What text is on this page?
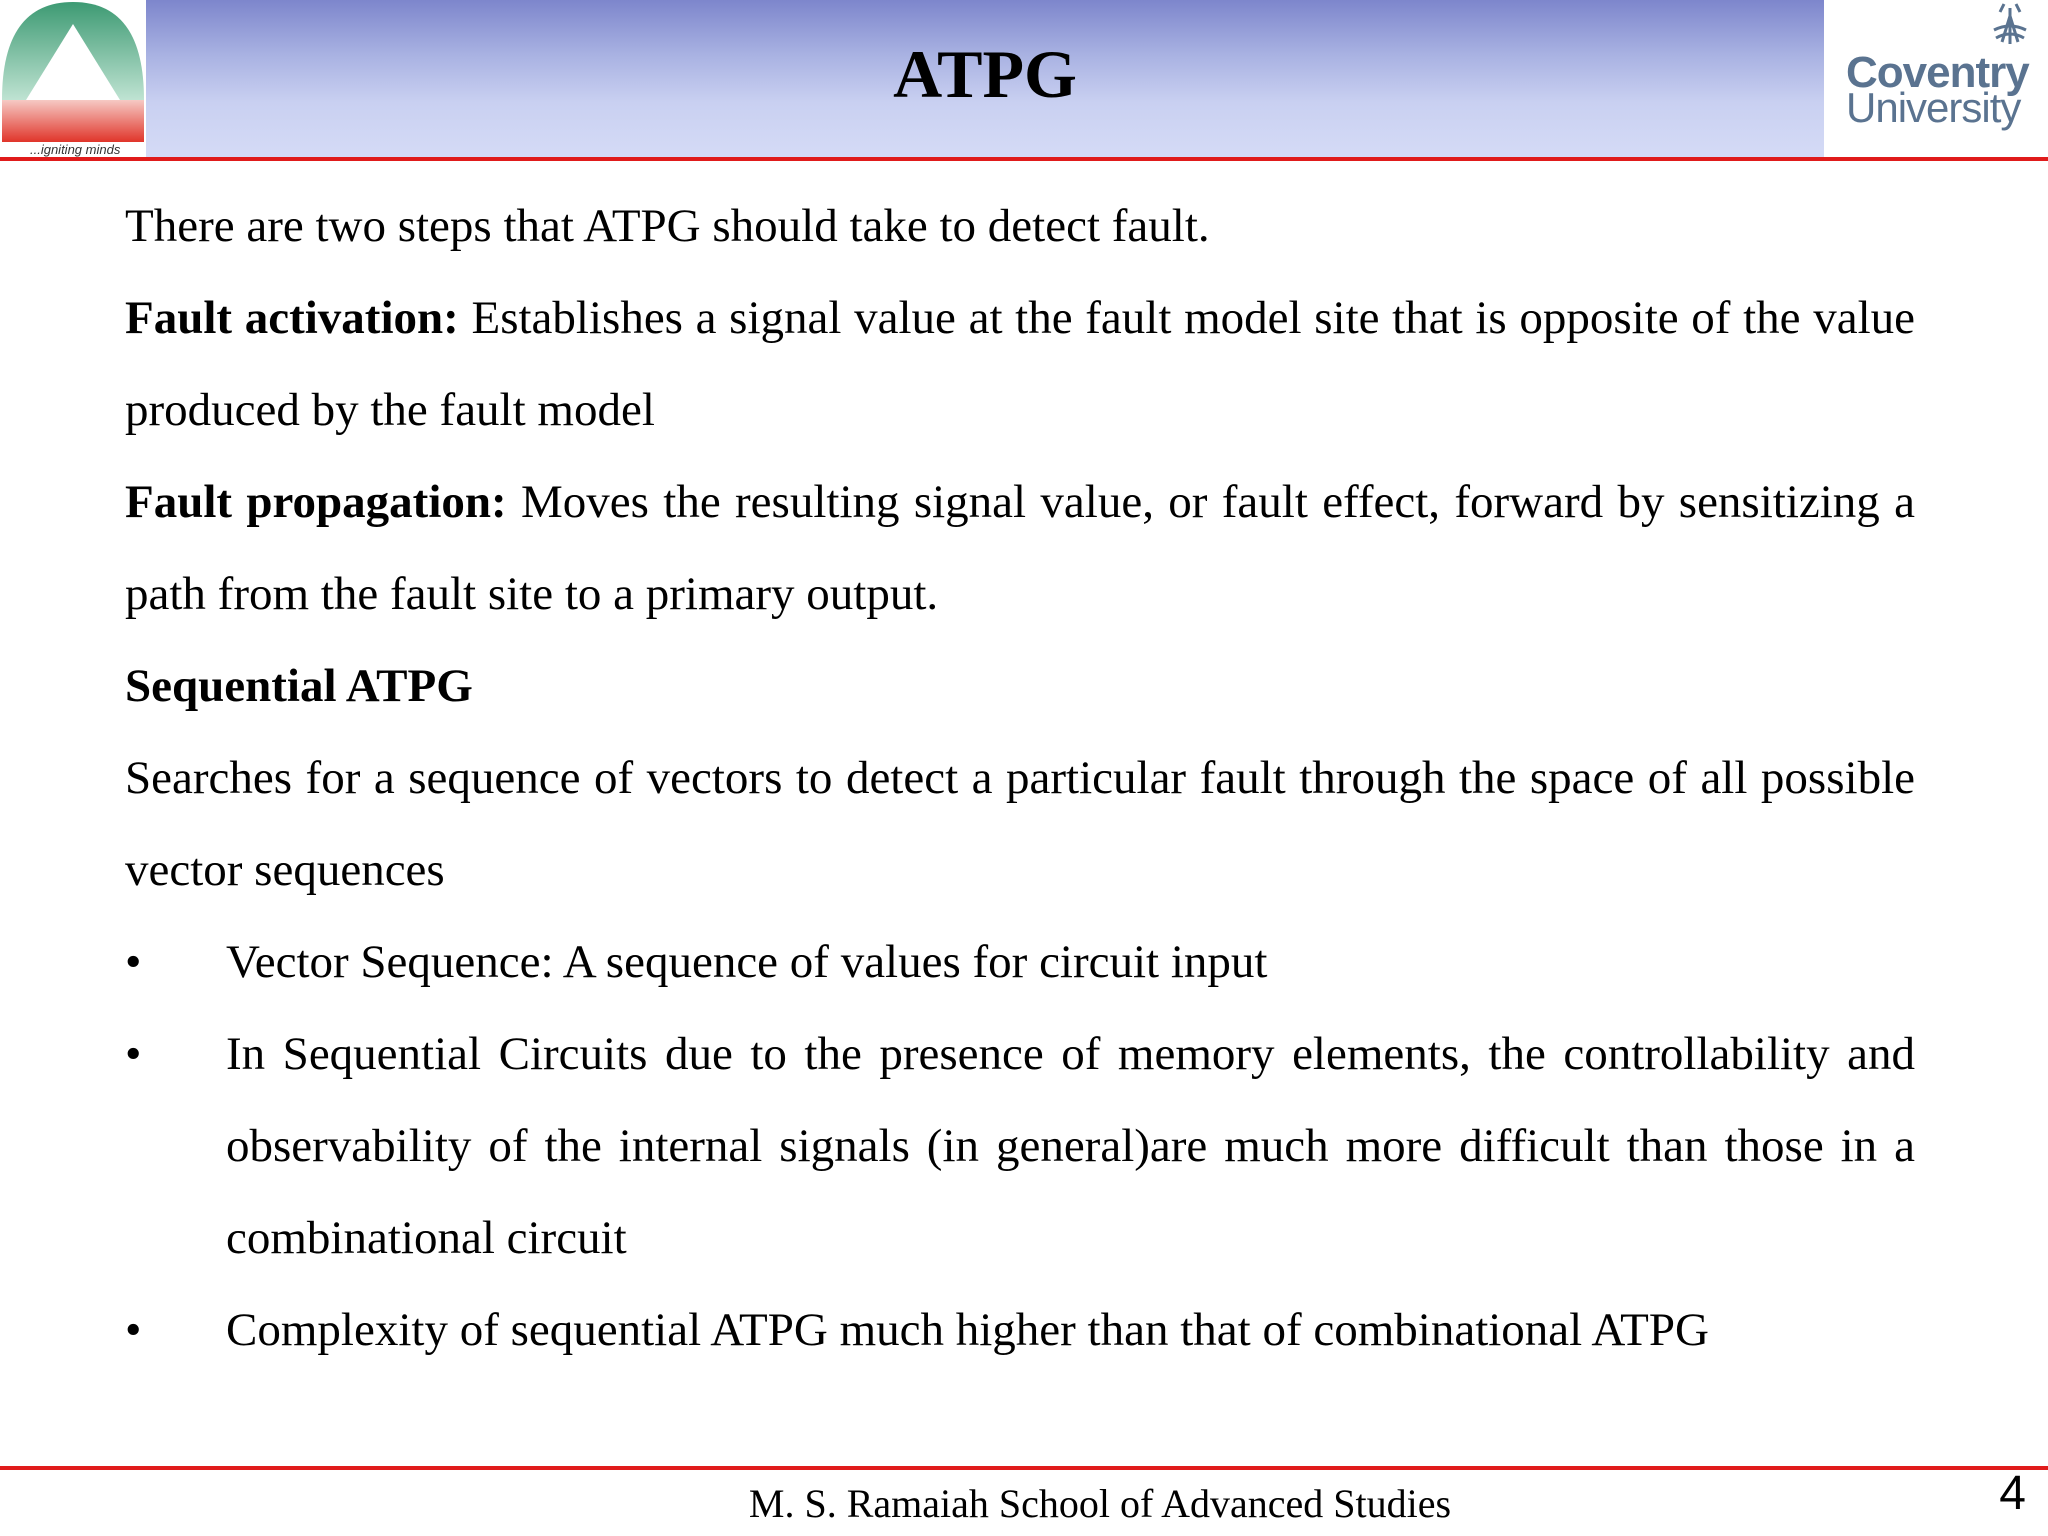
...igniting minds
ATPG	Coventry
University

There are two steps that ATPG should take to detect fault.

Fault activation: Establishes a signal value at the fault model site that is opposite of the value produced by the fault model

Fault propagation: Moves the resulting signal value, or fault effect, forward by sensitizing a path from the fault site to a primary output.

Sequential ATPG

Searches for a sequence of vectors to detect a particular fault through the space of all possible vector sequences

• Vector Sequence: A sequence of values for circuit input
• In Sequential Circuits due to the presence of memory elements, the controllability and observability of the internal signals (in general)are much more difficult than those in a combinational circuit
• Complexity of sequential ATPG much higher than that of combinational ATPG
M. S. Ramaiah School of Advanced Studies	4
